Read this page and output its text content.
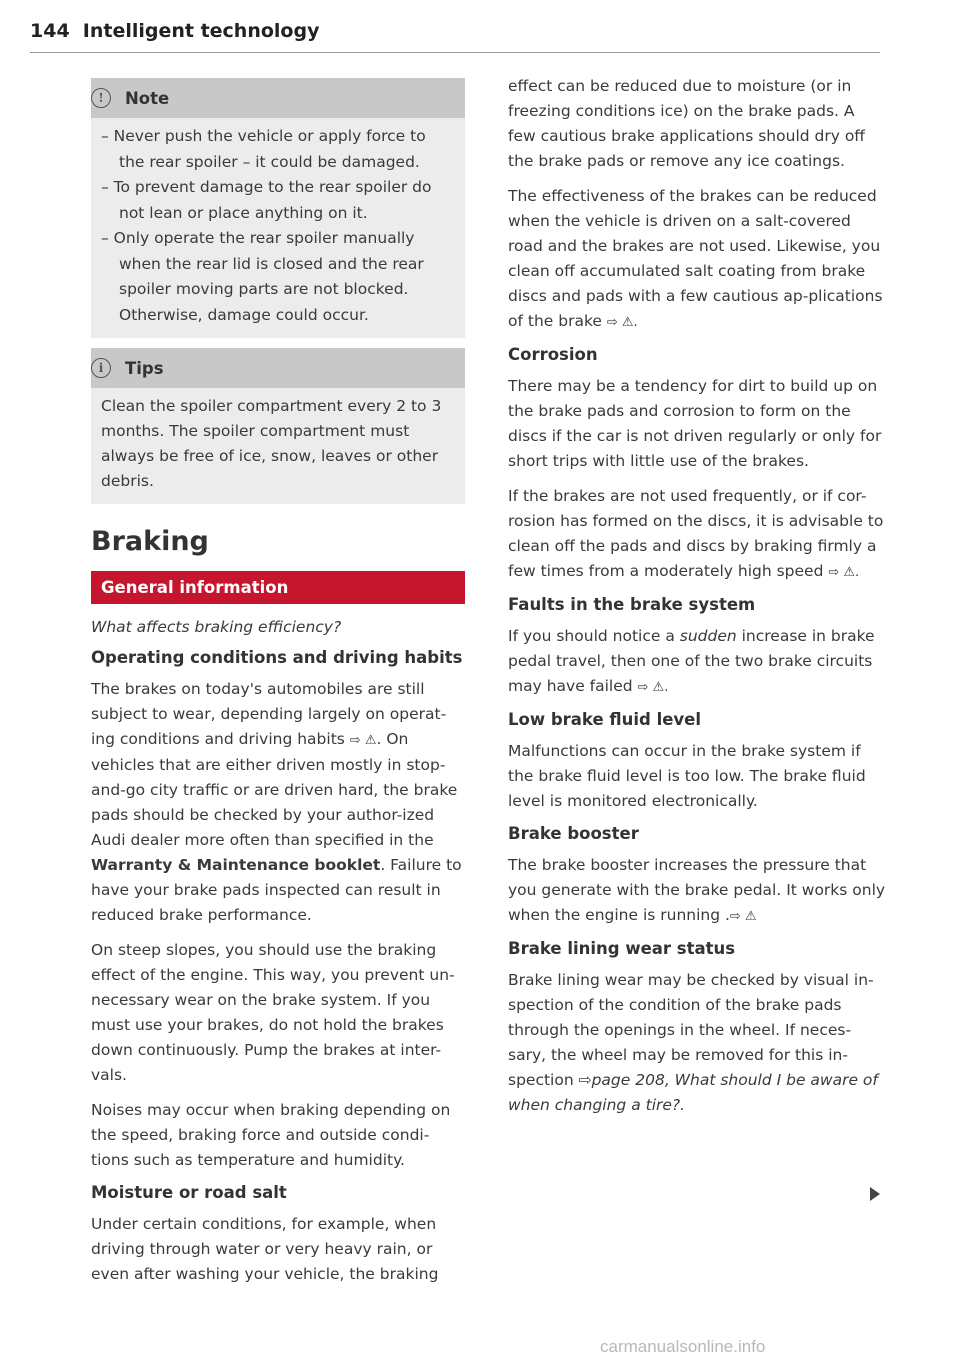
144 Intelligent technology
!	Note
– Never push the vehicle or apply force to the rear spoiler – it could be damaged.
– To prevent damage to the rear spoiler do not lean or place anything on it.
– Only operate the rear spoiler manually when the rear lid is closed and the rear spoiler moving parts are not blocked. Otherwise, damage could occur.
i	Tips

Clean the spoiler compartment every 2 to 3 months. The spoiler compartment must always be free of ice, snow, leaves or other debris.

Braking
General information
What affects braking efficiency?
Operating conditions and driving habits

The brakes on today's automobiles are still subject to wear, depending largely on operat-ing conditions and driving habits ⇨ ⚠. On vehicles that are either driven mostly in stop-and-go city traffic or are driven hard, the brake pads should be checked by your author-ized Audi dealer more often than specified in the Warranty & Maintenance booklet. Failure to have your brake pads inspected can result in reduced brake performance.

On steep slopes, you should use the braking effect of the engine. This way, you prevent un-necessary wear on the brake system. If you must use your brakes, do not hold the brakes down continuously. Pump the brakes at inter-vals.

Noises may occur when braking depending on the speed, braking force and outside condi-tions such as temperature and humidity.

Moisture or road salt

Under certain conditions, for example, when driving through water or very heavy rain, or even after washing your vehicle, the braking

effect can be reduced due to moisture (or in freezing conditions ice) on the brake pads. A few cautious brake applications should dry off the brake pads or remove any ice coatings.

The effectiveness of the brakes can be reduced when the vehicle is driven on a salt-covered road and the brakes are not used. Likewise, you clean off accumulated salt coating from brake discs and pads with a few cautious ap-plications of the brake ⇨ ⚠.

Corrosion

There may be a tendency for dirt to build up on the brake pads and corrosion to form on the discs if the car is not driven regularly or only for short trips with little use of the brakes.

If the brakes are not used frequently, or if cor-rosion has formed on the discs, it is advisable to clean off the pads and discs by braking firmly a few times from a moderately high speed ⇨ ⚠.

Faults in the brake system

If you should notice a sudden increase in brake pedal travel, then one of the two brake circuits may have failed ⇨ ⚠.

Low brake fluid level

Malfunctions can occur in the brake system if the brake fluid level is too low. The brake fluid level is monitored electronically.

Brake booster

The brake booster increases the pressure that you generate with the brake pedal. It works only when the engine is running .⇨ ⚠

Brake lining wear status

Brake lining wear may be checked by visual in-spection of the condition of the brake pads through the openings in the wheel. If neces-sary, the wheel may be removed for this in-spection ⇨page 208, What should I be aware of when changing a tire?.

carmanualsonline.info
